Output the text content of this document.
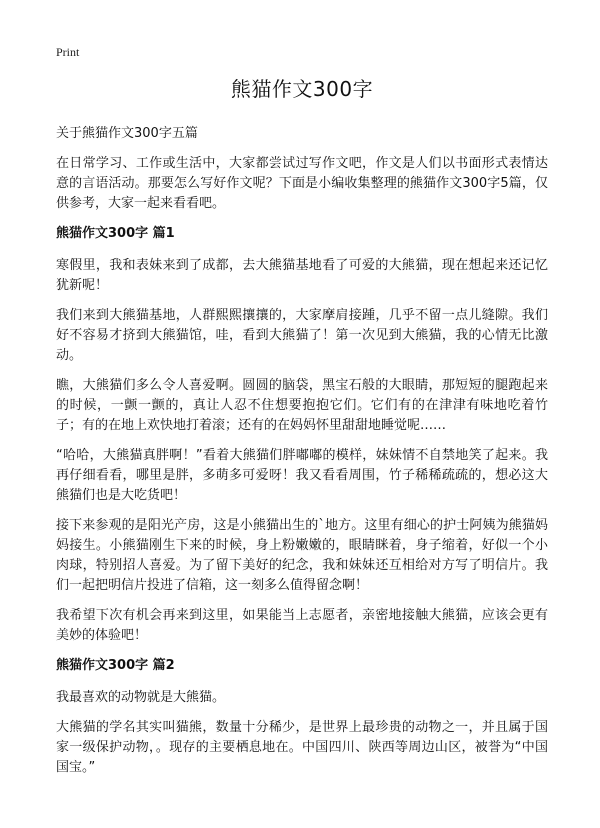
Print
熊猫作文300字
关于熊猫作文300字五篇

在日常学习、工作或生活中，大家都尝试过写作文吧，作文是人们以书面形式表情达意的言语活动。那要怎么写好作文呢？下面是小编收集整理的熊猫作文300字5篇，仅供参考，大家一起来看看吧。

熊猫作文300字 篇1

寒假里，我和表妹来到了成都，去大熊猫基地看了可爱的大熊猫，现在想起来还记忆犹新呢！

我们来到大熊猫基地，人群熙熙攘攘的，大家摩肩接踵，几乎不留一点儿缝隙。我们好不容易才挤到大熊猫馆，哇，看到大熊猫了！第一次见到大熊猫，我的心情无比激动。

瞧，大熊猫们多么令人喜爱啊。圆圆的脑袋，黑宝石般的大眼睛，那短短的腿跑起来的时候，一颤一颤的，真让人忍不住想要抱抱它们。它们有的在津津有味地吃着竹子；有的在地上欢快地打着滚；还有的在妈妈怀里甜甜地睡觉呢……

“哈哈，大熊猫真胖啊！”看着大熊猫们胖嘟嘟的模样，妹妹情不自禁地笑了起来。我再仔细看看，哪里是胖，多萌多可爱呀！我又看看周围，竹子稀稀疏疏的，想必这大熊猫们也是大吃货吧！

接下来参观的是阳光产房，这是小熊猫出生的`地方。这里有细心的护士阿姨为熊猫妈妈接生。小熊猫刚生下来的时候，身上粉嫩嫩的，眼睛眯着，身子缩着，好似一个小肉球，特别招人喜爱。为了留下美好的纪念，我和妹妹还互相给对方写了明信片。我们一起把明信片投进了信箱，这一刻多么值得留念啊！

我希望下次有机会再来到这里，如果能当上志愿者，亲密地接触大熊猫，应该会更有美妙的体验吧！

熊猫作文300字 篇2

我最喜欢的动物就是大熊猫。

大熊猫的学名其实叫猫熊，数量十分稀少，是世界上最珍贵的动物之一，并且属于国家一级保护动物，。现存的主要栖息地在。中国四川、陕西等周边山区，被誉为“中国国宝。”
